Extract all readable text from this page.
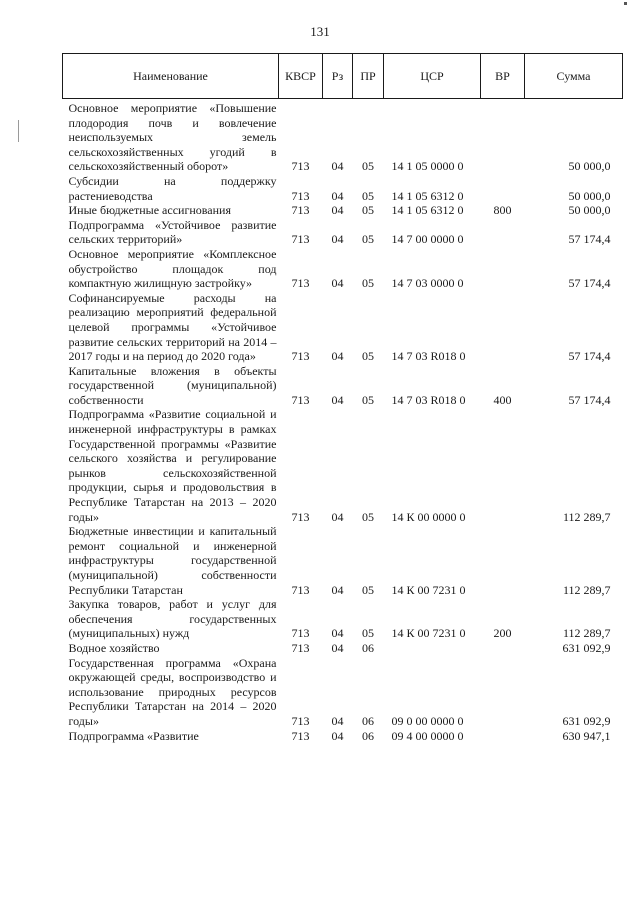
131
Наименование	КВСР	Рз	ПР	ЦСР	ВР	Сумма

Основное мероприятие «Повышение плодородия почв и вовлечение неиспользуемых земель сельскохозяйственных угодий в сельскохозяйственный оборот»	713	04	05	14 1 05 0000 0		50 000,0
Субсидии на поддержку растениеводства	713	04	05	14 1 05 6312 0		50 000,0
Иные бюджетные ассигнования	713	04	05	14 1 05 6312 0	800	50 000,0
Подпрограмма «Устойчивое развитие сельских территорий»	713	04	05	14 7 00 0000 0		57 174,4
Основное мероприятие «Комплексное обустройство площадок под компактную жилищную застройку»	713	04	05	14 7 03 0000 0		57 174,4
Софинансируемые расходы на реализацию мероприятий федеральной целевой программы «Устойчивое развитие сельских территорий на 2014 – 2017 годы и на период до 2020 года»	713	04	05	14 7 03 R018 0		57 174,4
Капитальные вложения в объекты государственной (муниципальной) собственности	713	04	05	14 7 03 R018 0	400	57 174,4
Подпрограмма «Развитие социальной и инженерной инфраструктуры в рамках Государственной программы «Развитие сельского хозяйства и регулирование рынков сельскохозяйственной продукции, сырья и продовольствия в Республике Татарстан на 2013 – 2020 годы»	713	04	05	14 К 00 0000 0		112 289,7
Бюджетные инвестиции и капитальный ремонт социальной и инженерной инфраструктуры государственной (муниципальной) собственности Республики Татарстан	713	04	05	14 К 00 7231 0		112 289,7
Закупка товаров, работ и услуг для обеспечения государственных (муниципальных) нужд	713	04	05	14 К 00 7231 0	200	112 289,7
Водное хозяйство	713	04	06			631 092,9
Государственная программа «Охрана окружающей среды, воспроизводство и использование природных ресурсов Республики Татарстан на 2014 – 2020 годы»	713	04	06	09 0 00 0000 0		631 092,9
Подпрограмма «Развитие	713	04	06	09 4 00 0000 0		630 947,1
